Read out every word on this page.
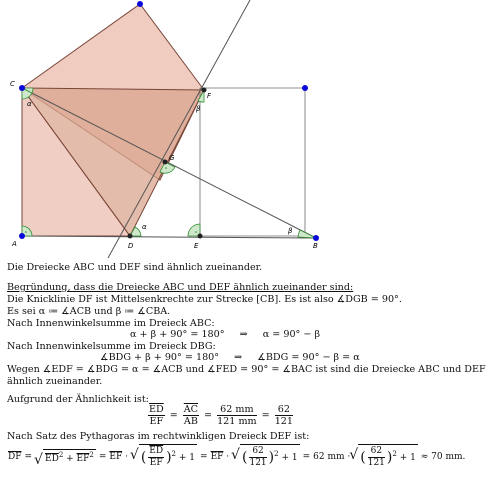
C
A
F
G
D	E	B
α
α
β
β
Die Dreiecke ABC und DEF sind ähnlich zueinander.
Begründung, dass die Dreiecke ABC und DEF ähnlich zueinander sind:
Die Knicklinie DF ist Mittelsenkrechte zur Strecke [CB]. Es ist also ∡DGB = 90°.
Es sei α ≔ ∡ACB und β ≔ ∡CBA.
Nach Innenwinkelsumme im Dreieck ABC:
α + β + 90° = 180° ⇒ α = 90° − β
Nach Innenwinkelsumme im Dreieck DBG:
∡BDG + β + 90° = 180° ⇒ ∡BDG = 90° − β = α
Wegen ∡EDF = ∡BDG = α = ∡ACB und ∡FED = 90° = ∡BAC ist sind die Dreiecke ABC und DEF
ähnlich zueinander.
Aufgrund der Ähnlichkeit ist:
$\frac{\overline{ED}}{EF} = \frac{\overline{AC}}{AB} = \frac{62 mm}{121 mm} = \frac{62}{121}$
Nach Satz des Pythagoras im rechtwinkligen Dreieck DEF ist:
$\overline{DF}$ = √ $\overline{ED}^2 + \overline{EF}^2 = \overline{EF}$ · √ ( $\frac{\overline{ED}}{EF} )^2 + 1 = \overline{EF}$ · √ ( $\frac{62}{121} )^2 + 1 = 62$ mm · √ ( $\frac{62}{121} )^2 + 1 \approx 70$ mm.
